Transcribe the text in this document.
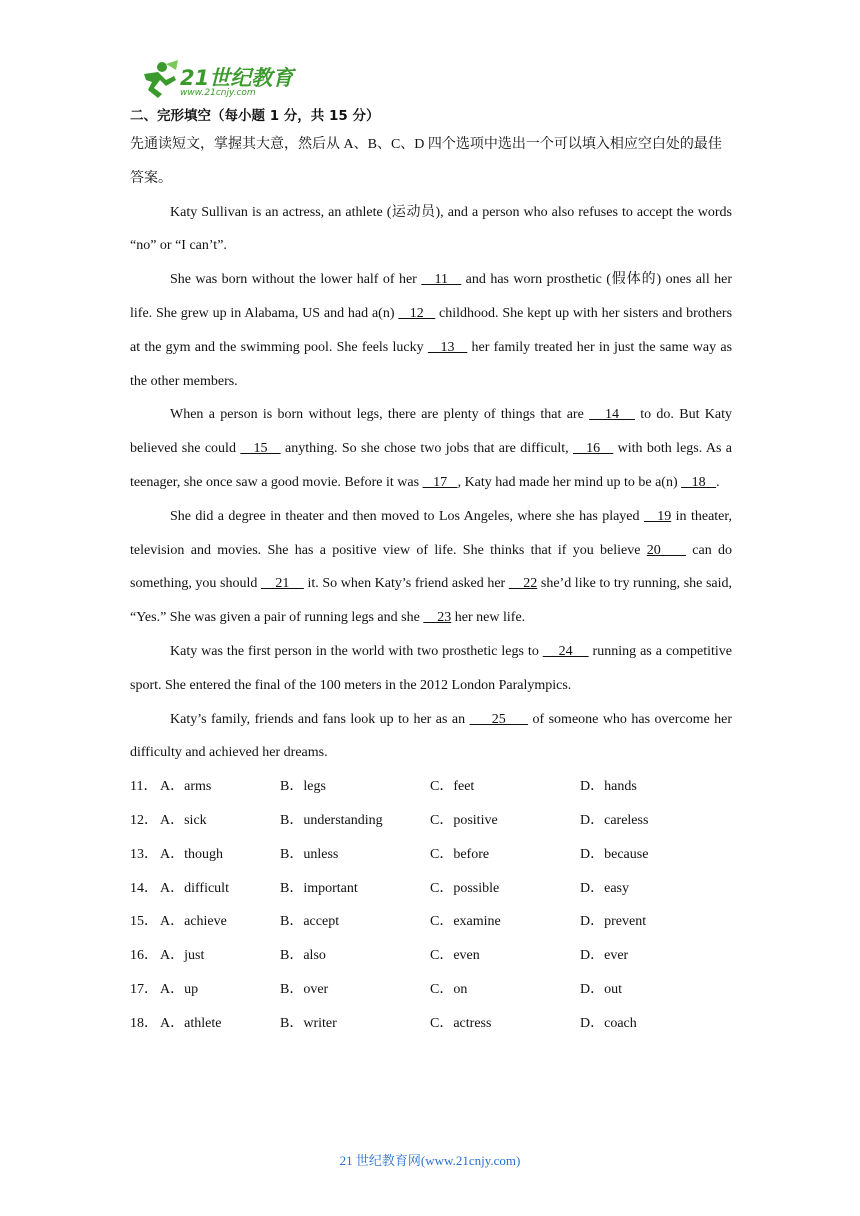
21世纪教育
www.21cnjy.com
二、完形填空（每小题 1 分，共 15 分）

先通读短文，掌握其大意，然后从 A、B、C、D 四个选项中选出一个可以填入相应空白处的最佳答案。

Katy Sullivan is an actress, an athlete (运动员), and a person who also refuses to accept the words “no” or “I can’t”.

She was born without the lower half of her    11    and has worn prosthetic (假体的) ones all her life. She grew up in Alabama, US and had a(n)    12    childhood. She kept up with her sisters and brothers at the gym and the swimming pool. She feels lucky    13    her family treated her in just the same way as the other members.

When a person is born without legs, there are plenty of things that are    14    to do. But Katy believed she could    15    anything. So she chose two jobs that are difficult,    16    with both legs. As a teenager, she once saw a good movie. Before it was    17   , Katy had made her mind up to be a(n)    18   .

She did a degree in theater and then moved to Los Angeles, where she has played    19 in theater, television and movies. She has a positive view of life. She thinks that if you believe 20     can do something, you should     21     it. So when Katy’s friend asked her     22 she’d like to try running, she said, “Yes.” She was given a pair of running legs and she     23 her new life.

Katy was the first person in the world with two prosthetic legs to     24     running as a competitive sport. She entered the final of the 100 meters in the 2012 London Paralympics.

Katy’s family, friends and fans look up to her as an      25      of someone who has overcome her difficulty and achieved her dreams.

11． A．arms	B．legs	C．feet	D．hands
12． A．sick	B．understanding	C．positive	D．careless
13． A．though	B．unless	C．before	D．because
14． A．difficult	B．important	C．possible	D．easy
15． A．achieve	B．accept	C．examine	D．prevent
16． A．just	B．also	C．even	D．ever
17． A．up	B．over	C．on	D．out
18． A．athlete	B．writer	C．actress	D．coach
21 世纪教育网(www.21cnjy.com)
